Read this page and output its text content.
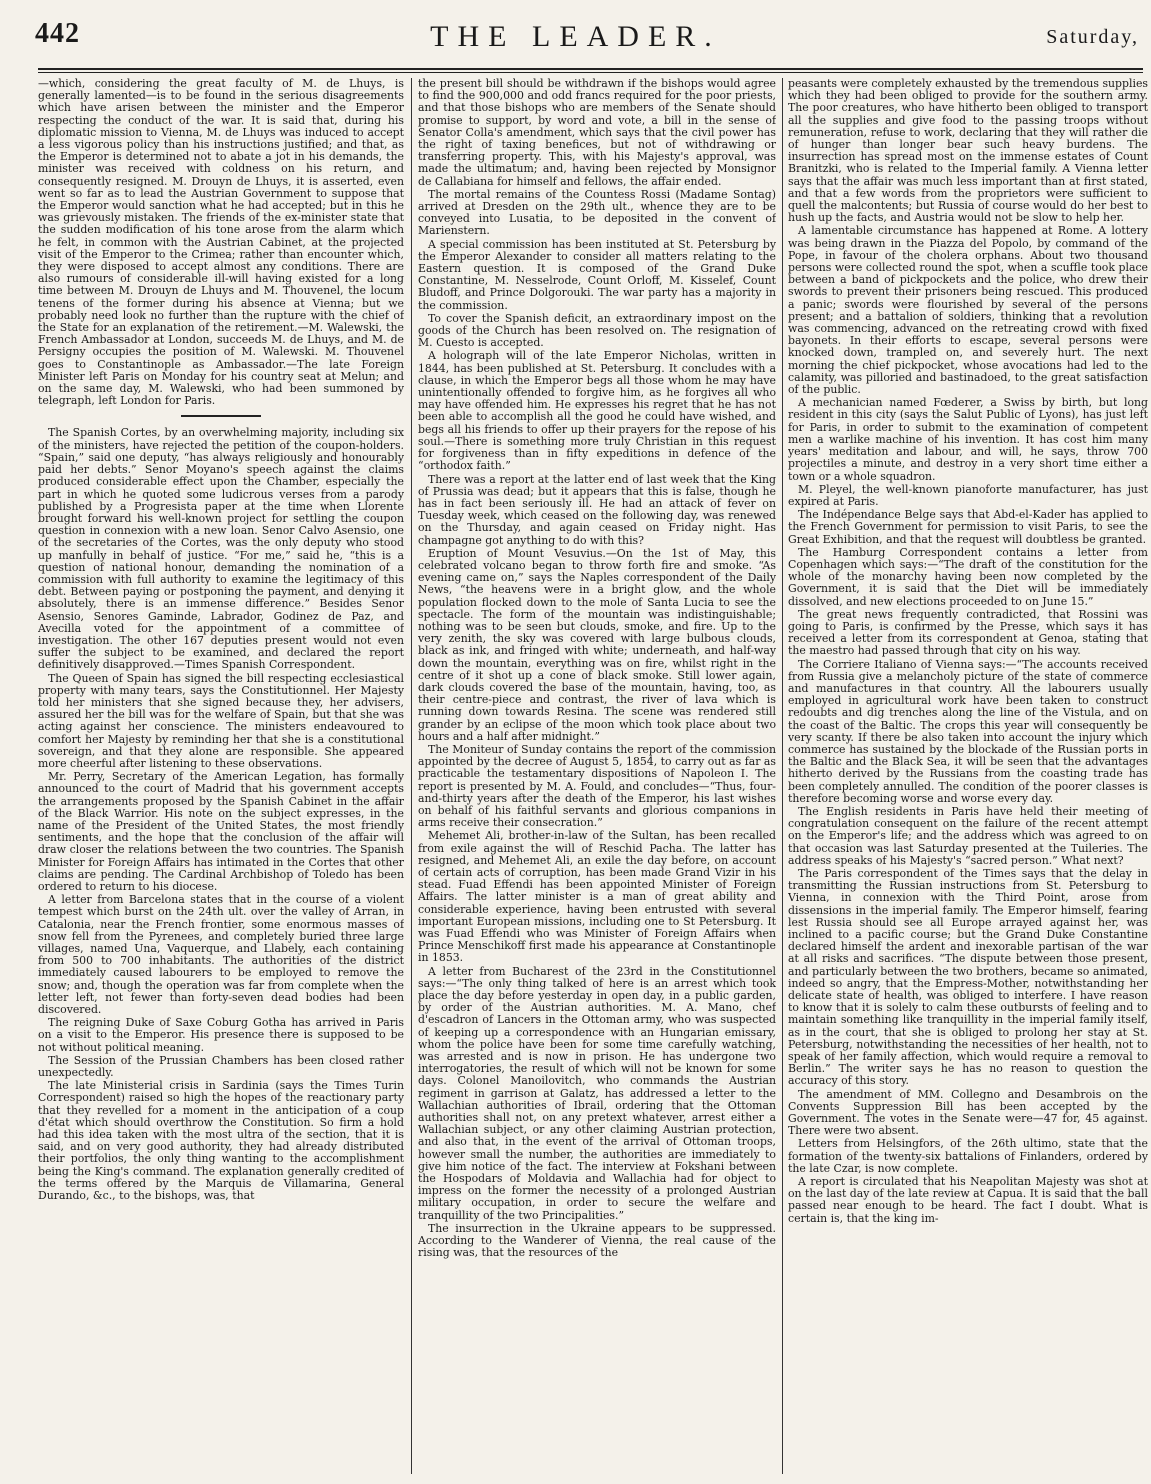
442	THE LEADER.	Saturday,

—which, considering the great faculty of M. de Lhuys, is generally lamented—is to be found in the serious disagreements which have arisen between the minister and the Emperor respecting the conduct of the war. It is said that, during his diplomatic mission to Vienna, M. de Lhuys was induced to accept a less vigorous policy than his instructions justified; and that, as the Emperor is determined not to abate a jot in his demands, the minister was received with coldness on his return, and consequently resigned. M. Drouyn de Lhuys, it is asserted, even went so far as to lead the Austrian Government to suppose that the Emperor would sanction what he had accepted; but in this he was grievously mistaken. The friends of the ex-minister state that the sudden modification of his tone arose from the alarm which he felt, in common with the Austrian Cabinet, at the projected visit of the Emperor to the Crimea; rather than encounter which, they were disposed to accept almost any conditions. There are also rumours of considerable ill-will having existed for a long time between M. Drouyn de Lhuys and M. Thouvenel, the locum tenens of the former during his absence at Vienna; but we probably need look no further than the rupture with the chief of the State for an explanation of the retirement.—M. Walewski, the French Ambassador at London, succeeds M. de Lhuys, and M. de Persigny occupies the position of M. Walewski. M. Thouvenel goes to Constantinople as Ambassador.—The late Foreign Minister left Paris on Monday for his country seat at Melun; and on the same day, M. Walewski, who had been summoned by telegraph, left London for Paris.

The Spanish Cortes, by an overwhelming majority, including six of the ministers, have rejected the petition of the coupon-holders. “Spain,” said one deputy, “has always religiously and honourably paid her debts.” Senor Moyano's speech against the claims produced considerable effect upon the Chamber, especially the part in which he quoted some ludicrous verses from a parody published by a Progresista paper at the time when Llorente brought forward his well-known project for settling the coupon question in connexion with a new loan. Senor Calvo Asensio, one of the secretaries of the Cortes, was the only deputy who stood up manfully in behalf of justice. “For me,” said he, “this is a question of national honour, demanding the nomination of a commission with full authority to examine the legitimacy of this debt. Between paying or postponing the payment, and denying it absolutely, there is an immense difference.” Besides Senor Asensio, Senores Gaminde, Labrador, Godinez de Paz, and Avecilla voted for the appointment of a committee of investigation. The other 167 deputies present would not even suffer the subject to be examined, and declared the report definitively disapproved.—Times Spanish Correspondent.

The Queen of Spain has signed the bill respecting ecclesiastical property with many tears, says the Constitutionnel. Her Majesty told her ministers that she signed because they, her advisers, assured her the bill was for the welfare of Spain, but that she was acting against her conscience. The ministers endeavoured to comfort her Majesty by reminding her that she is a constitutional sovereign, and that they alone are responsible. She appeared more cheerful after listening to these observations.

Mr. Perry, Secretary of the American Legation, has formally announced to the court of Madrid that his government accepts the arrangements proposed by the Spanish Cabinet in the affair of the Black Warrior. His note on the subject expresses, in the name of the President of the United States, the most friendly sentiments, and the hope that the conclusion of the affair will draw closer the relations between the two countries. The Spanish Minister for Foreign Affairs has intimated in the Cortes that other claims are pending. The Cardinal Archbishop of Toledo has been ordered to return to his diocese.

A letter from Barcelona states that in the course of a violent tempest which burst on the 24th ult. over the valley of Arran, in Catalonia, near the French frontier, some enormous masses of snow fell from the Pyrenees, and completely buried three large villages, named Una, Vaquerque, and Llabely, each containing from 500 to 700 inhabitants. The authorities of the district immediately caused labourers to be employed to remove the snow; and, though the operation was far from complete when the letter left, not fewer than forty-seven dead bodies had been discovered.

The reigning Duke of Saxe Coburg Gotha has arrived in Paris on a visit to the Emperor. His presence there is supposed to be not without political meaning.

The Session of the Prussian Chambers has been closed rather unexpectedly.

The late Ministerial crisis in Sardinia (says the Times Turin Correspondent) raised so high the hopes of the reactionary party that they revelled for a moment in the anticipation of a coup d'état which should overthrow the Constitution. So firm a hold had this idea taken with the most ultra of the section, that it is said, and on very good authority, they had already distributed their portfolios, the only thing wanting to the accomplishment being the King's command. The explanation generally credited of the terms offered by the Marquis de Villamarina, General Durando, &c., to the bishops, was, that

the present bill should be withdrawn if the bishops would agree to find the 900,000 and odd francs required for the poor priests, and that those bishops who are members of the Senate should promise to support, by word and vote, a bill in the sense of Senator Colla's amendment, which says that the civil power has the right of taxing benefices, but not of withdrawing or transferring property. This, with his Majesty's approval, was made the ultimatum; and, having been rejected by Monsignor de Callabiana for himself and fellows, the affair ended.

The mortal remains of the Countess Rossi (Madame Sontag) arrived at Dresden on the 29th ult., whence they are to be conveyed into Lusatia, to be deposited in the convent of Marienstern.

A special commission has been instituted at St. Petersburg by the Emperor Alexander to consider all matters relating to the Eastern question. It is composed of the Grand Duke Constantine, M. Nesselrode, Count Orloff, M. Kisselef, Count Bludoff, and Prince Dolgorouki. The war party has a majority in the commission.

To cover the Spanish deficit, an extraordinary impost on the goods of the Church has been resolved on. The resignation of M. Cuesto is accepted.

A holograph will of the late Emperor Nicholas, written in 1844, has been published at St. Petersburg. It concludes with a clause, in which the Emperor begs all those whom he may have unintentionally offended to forgive him, as he forgives all who may have offended him. He expresses his regret that he has not been able to accomplish all the good he could have wished, and begs all his friends to offer up their prayers for the repose of his soul.—There is something more truly Christian in this request for forgiveness than in fifty expeditions in defence of the “orthodox faith.”

There was a report at the latter end of last week that the King of Prussia was dead; but it appears that this is false, though he has in fact been seriously ill. He had an attack of fever on Tuesday week, which ceased on the following day, was renewed on the Thursday, and again ceased on Friday night. Has champagne got anything to do with this?

Eruption of Mount Vesuvius.—On the 1st of May, this celebrated volcano began to throw forth fire and smoke. “As evening came on,” says the Naples correspondent of the Daily News, “the heavens were in a bright glow, and the whole population flocked down to the mole of Santa Lucia to see the spectacle. The form of the mountain was indistinguishable; nothing was to be seen but clouds, smoke, and fire. Up to the very zenith, the sky was covered with large bulbous clouds, black as ink, and fringed with white; underneath, and half-way down the mountain, everything was on fire, whilst right in the centre of it shot up a cone of black smoke. Still lower again, dark clouds covered the base of the mountain, having, too, as their centre-piece and contrast, the river of lava which is running down towards Resina. The scene was rendered still grander by an eclipse of the moon which took place about two hours and a half after midnight.”

The Moniteur of Sunday contains the report of the commission appointed by the decree of August 5, 1854, to carry out as far as practicable the testamentary dispositions of Napoleon I. The report is presented by M. A. Fould, and concludes—“Thus, four-and-thirty years after the death of the Emperor, his last wishes on behalf of his faithful servants and glorious companions in arms receive their consecration.”

Mehemet Ali, brother-in-law of the Sultan, has been recalled from exile against the will of Reschid Pacha. The latter has resigned, and Mehemet Ali, an exile the day before, on account of certain acts of corruption, has been made Grand Vizir in his stead. Fuad Effendi has been appointed Minister of Foreign Affairs. The latter minister is a man of great ability and considerable experience, having been entrusted with several important European missions, including one to St Petersburg. It was Fuad Effendi who was Minister of Foreign Affairs when Prince Menschikoff first made his appearance at Constantinople in 1853.

A letter from Bucharest of the 23rd in the Constitutionnel says:—“The only thing talked of here is an arrest which took place the day before yesterday in open day, in a public garden, by order of the Austrian authorities. M. A. Mano, chef d'escadron of Lancers in the Ottoman army, who was suspected of keeping up a correspondence with an Hungarian emissary, whom the police have been for some time carefully watching, was arrested and is now in prison. He has undergone two interrogatories, the result of which will not be known for some days. Colonel Manoilovitch, who commands the Austrian regiment in garrison at Galatz, has addressed a letter to the Wallachian authorities of Ibrail, ordering that the Ottoman authorities shall not, on any pretext whatever, arrest either a Wallachian subject, or any other claiming Austrian protection, and also that, in the event of the arrival of Ottoman troops, however small the number, the authorities are immediately to give him notice of the fact. The interview at Fokshani between the Hospodars of Moldavia and Wallachia had for object to impress on the former the necessity of a prolonged Austrian military occupation, in order to secure the welfare and tranquillity of the two Principalities.”

The insurrection in the Ukraine appears to be suppressed. According to the Wanderer of Vienna, the real cause of the rising was, that the resources of the

peasants were completely exhausted by the tremendous supplies which they had been obliged to provide for the southern army. The poor creatures, who have hitherto been obliged to transport all the supplies and give food to the passing troops without remuneration, refuse to work, declaring that they will rather die of hunger than longer bear such heavy burdens. The insurrection has spread most on the immense estates of Count Branitzki, who is related to the Imperial family. A Vienna letter says that the affair was much less important than at first stated, and that a few words from the proprietors were sufficient to quell the malcontents; but Russia of course would do her best to hush up the facts, and Austria would not be slow to help her.

A lamentable circumstance has happened at Rome. A lottery was being drawn in the Piazza del Popolo, by command of the Pope, in favour of the cholera orphans. About two thousand persons were collected round the spot, when a scuffle took place between a band of pickpockets and the police, who drew their swords to prevent their prisoners being rescued. This produced a panic; swords were flourished by several of the persons present; and a battalion of soldiers, thinking that a revolution was commencing, advanced on the retreating crowd with fixed bayonets. In their efforts to escape, several persons were knocked down, trampled on, and severely hurt. The next morning the chief pickpocket, whose avocations had led to the calamity, was pilloried and bastinadoed, to the great satisfaction of the public.

A mechanician named Fœderer, a Swiss by birth, but long resident in this city (says the Salut Public of Lyons), has just left for Paris, in order to submit to the examination of competent men a warlike machine of his invention. It has cost him many years' meditation and labour, and will, he says, throw 700 projectiles a minute, and destroy in a very short time either a town or a whole squadron.

M. Pleyel, the well-known pianoforte manufacturer, has just expired at Paris.

The Indépendance Belge says that Abd-el-Kader has applied to the French Government for permission to visit Paris, to see the Great Exhibition, and that the request will doubtless be granted.

The Hamburg Correspondent contains a letter from Copenhagen which says:—“The draft of the constitution for the whole of the monarchy having been now completed by the Government, it is said that the Diet will be immediately dissolved, and new elections proceeded to on June 15.”

The great news frequently contradicted, that Rossini was going to Paris, is confirmed by the Presse, which says it has received a letter from its correspondent at Genoa, stating that the maestro had passed through that city on his way.

The Corriere Italiano of Vienna says:—“The accounts received from Russia give a melancholy picture of the state of commerce and manufactures in that country. All the labourers usually employed in agricultural work have been taken to construct redoubts and dig trenches along the line of the Vistula, and on the coast of the Baltic. The crops this year will consequently be very scanty. If there be also taken into account the injury which commerce has sustained by the blockade of the Russian ports in the Baltic and the Black Sea, it will be seen that the advantages hitherto derived by the Russians from the coasting trade has been completely annulled. The condition of the poorer classes is therefore becoming worse and worse every day.

The English residents in Paris have held their meeting of congratulation consequent on the failure of the recent attempt on the Emperor's life; and the address which was agreed to on that occasion was last Saturday presented at the Tuileries. The address speaks of his Majesty's “sacred person.” What next?

The Paris correspondent of the Times says that the delay in transmitting the Russian instructions from St. Petersburg to Vienna, in connexion with the Third Point, arose from dissensions in the imperial family. The Emperor himself, fearing lest Russia should see all Europe arrayed against her, was inclined to a pacific course; but the Grand Duke Constantine declared himself the ardent and inexorable partisan of the war at all risks and sacrifices. “The dispute between those present, and particularly between the two brothers, became so animated, indeed so angry, that the Empress-Mother, notwithstanding her delicate state of health, was obliged to interfere. I have reason to know that it is solely to calm these outbursts of feeling and to maintain something like tranquillity in the imperial family itself, as in the court, that she is obliged to prolong her stay at St. Petersburg, notwithstanding the necessities of her health, not to speak of her family affection, which would require a removal to Berlin.” The writer says he has no reason to question the accuracy of this story.

The amendment of MM. Collegno and Desambrois on the Convents Suppression Bill has been accepted by the Government. The votes in the Senate were—47 for, 45 against. There were two absent.

Letters from Helsingfors, of the 26th ultimo, state that the formation of the twenty-six battalions of Finlanders, ordered by the late Czar, is now complete.

A report is circulated that his Neapolitan Majesty was shot at on the last day of the late review at Capua. It is said that the ball passed near enough to be heard. The fact I doubt. What is certain is, that the king im-
